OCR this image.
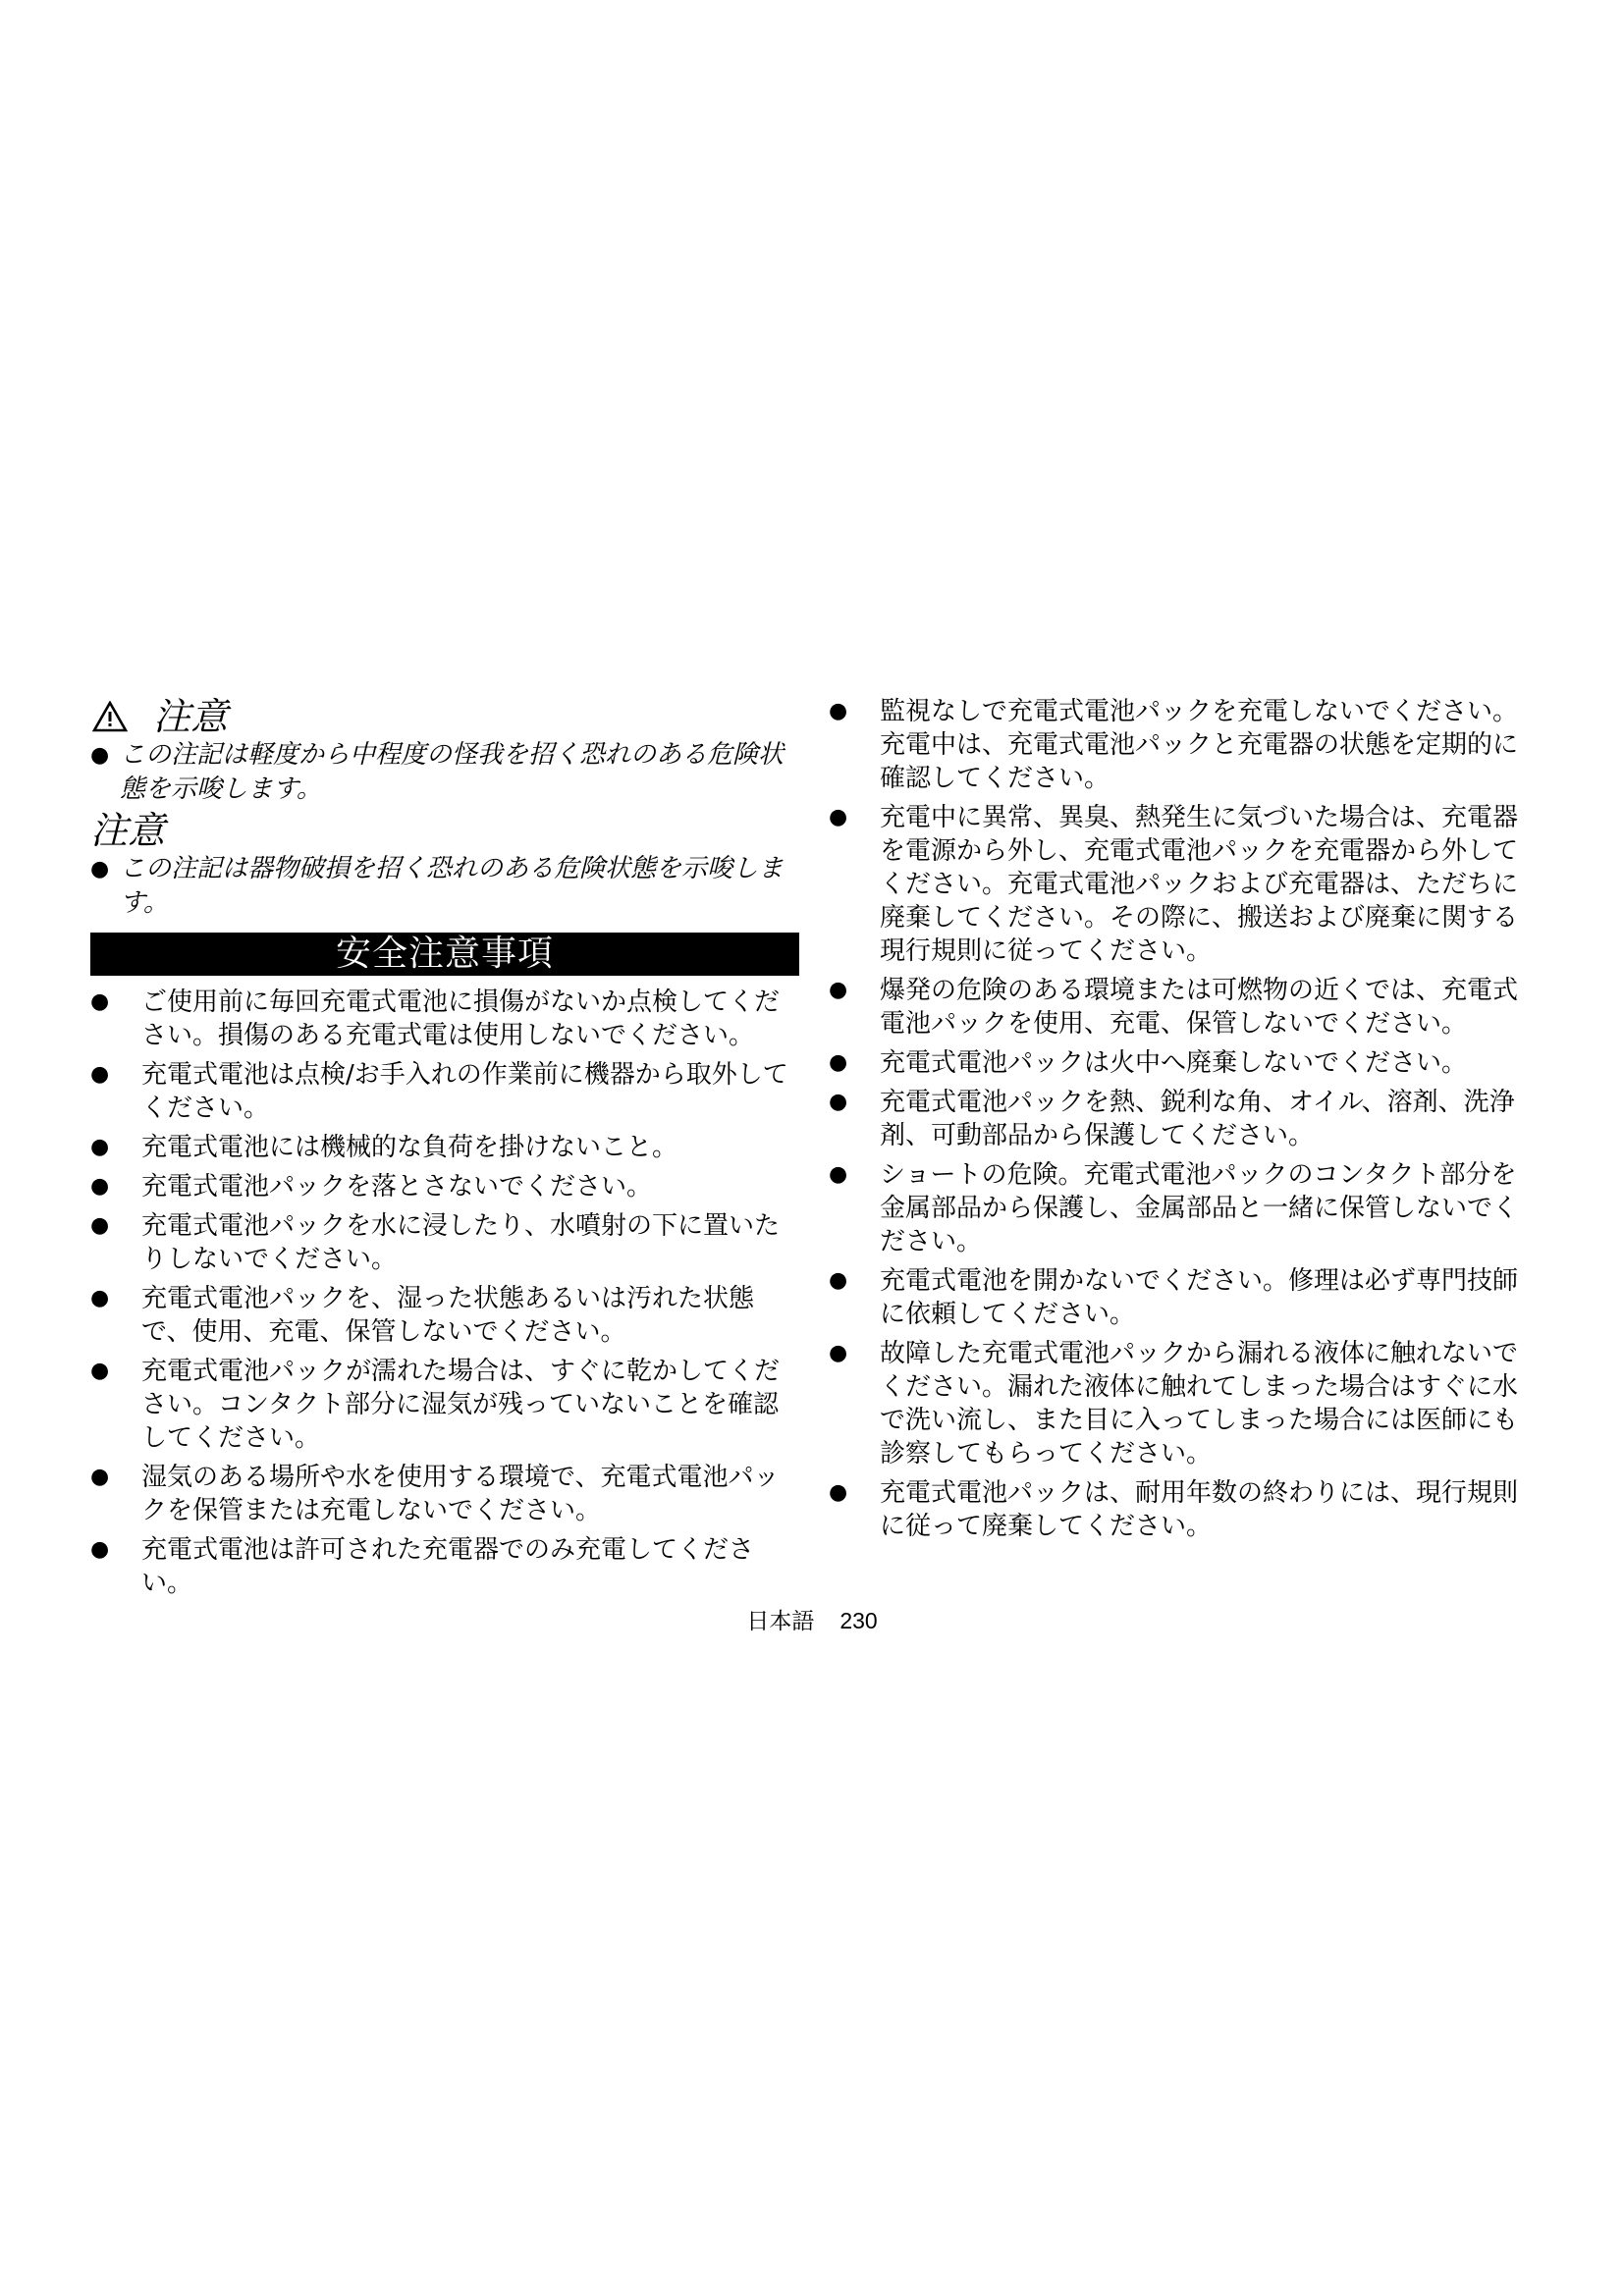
注意
● この注記は軽度から中程度の怪我を招く恐れのある危険状態を示唆します。
注意
● この注記は器物破損を招く恐れのある危険状態を示唆します。
安全注意事項
●	ご使用前に毎回充電式電池に損傷がないか点検してください。損傷のある充電式電は使用しないでください。
●	充電式電池は点検/お手入れの作業前に機器から取外してください。
●	充電式電池には機械的な負荷を掛けないこと。
●	充電式電池パックを落とさないでください。
●	充電式電池パックを水に浸したり、水噴射の下に置いたりしないでください。
●	充電式電池パックを、湿った状態あるいは汚れた状態で、使用、充電、保管しないでください。
●	充電式電池パックが濡れた場合は、すぐに乾かしてください。コンタクト部分に湿気が残っていないことを確認してください。
●	湿気のある場所や水を使用する環境で、充電式電池パックを保管または充電しないでください。
●	充電式電池は許可された充電器でのみ充電してください。
●	監視なしで充電式電池パックを充電しないでください。充電中は、充電式電池パックと充電器の状態を定期的に確認してください。
●	充電中に異常、異臭、熱発生に気づいた場合は、充電器を電源から外し、充電式電池パックを充電器から外してください。充電式電池パックおよび充電器は、ただちに廃棄してください。その際に、搬送および廃棄に関する現行規則に従ってください。
●	爆発の危険のある環境または可燃物の近くでは、充電式電池パックを使用、充電、保管しないでください。
●	充電式電池パックは火中へ廃棄しないでください。
●	充電式電池パックを熱、鋭利な角、オイル、溶剤、洗浄剤、可動部品から保護してください。
●	ショートの危険。充電式電池パックのコンタクト部分を金属部品から保護し、金属部品と一緒に保管しないでください。
●	充電式電池を開かないでください。修理は必ず専門技師に依頼してください。
●	故障した充電式電池パックから漏れる液体に触れないでください。漏れた液体に触れてしまった場合はすぐに水で洗い流し、また目に入ってしまった場合には医師にも診察してもらってください。
●	充電式電池パックは、耐用年数の終わりには、現行規則に従って廃棄してください。
日本語 230
